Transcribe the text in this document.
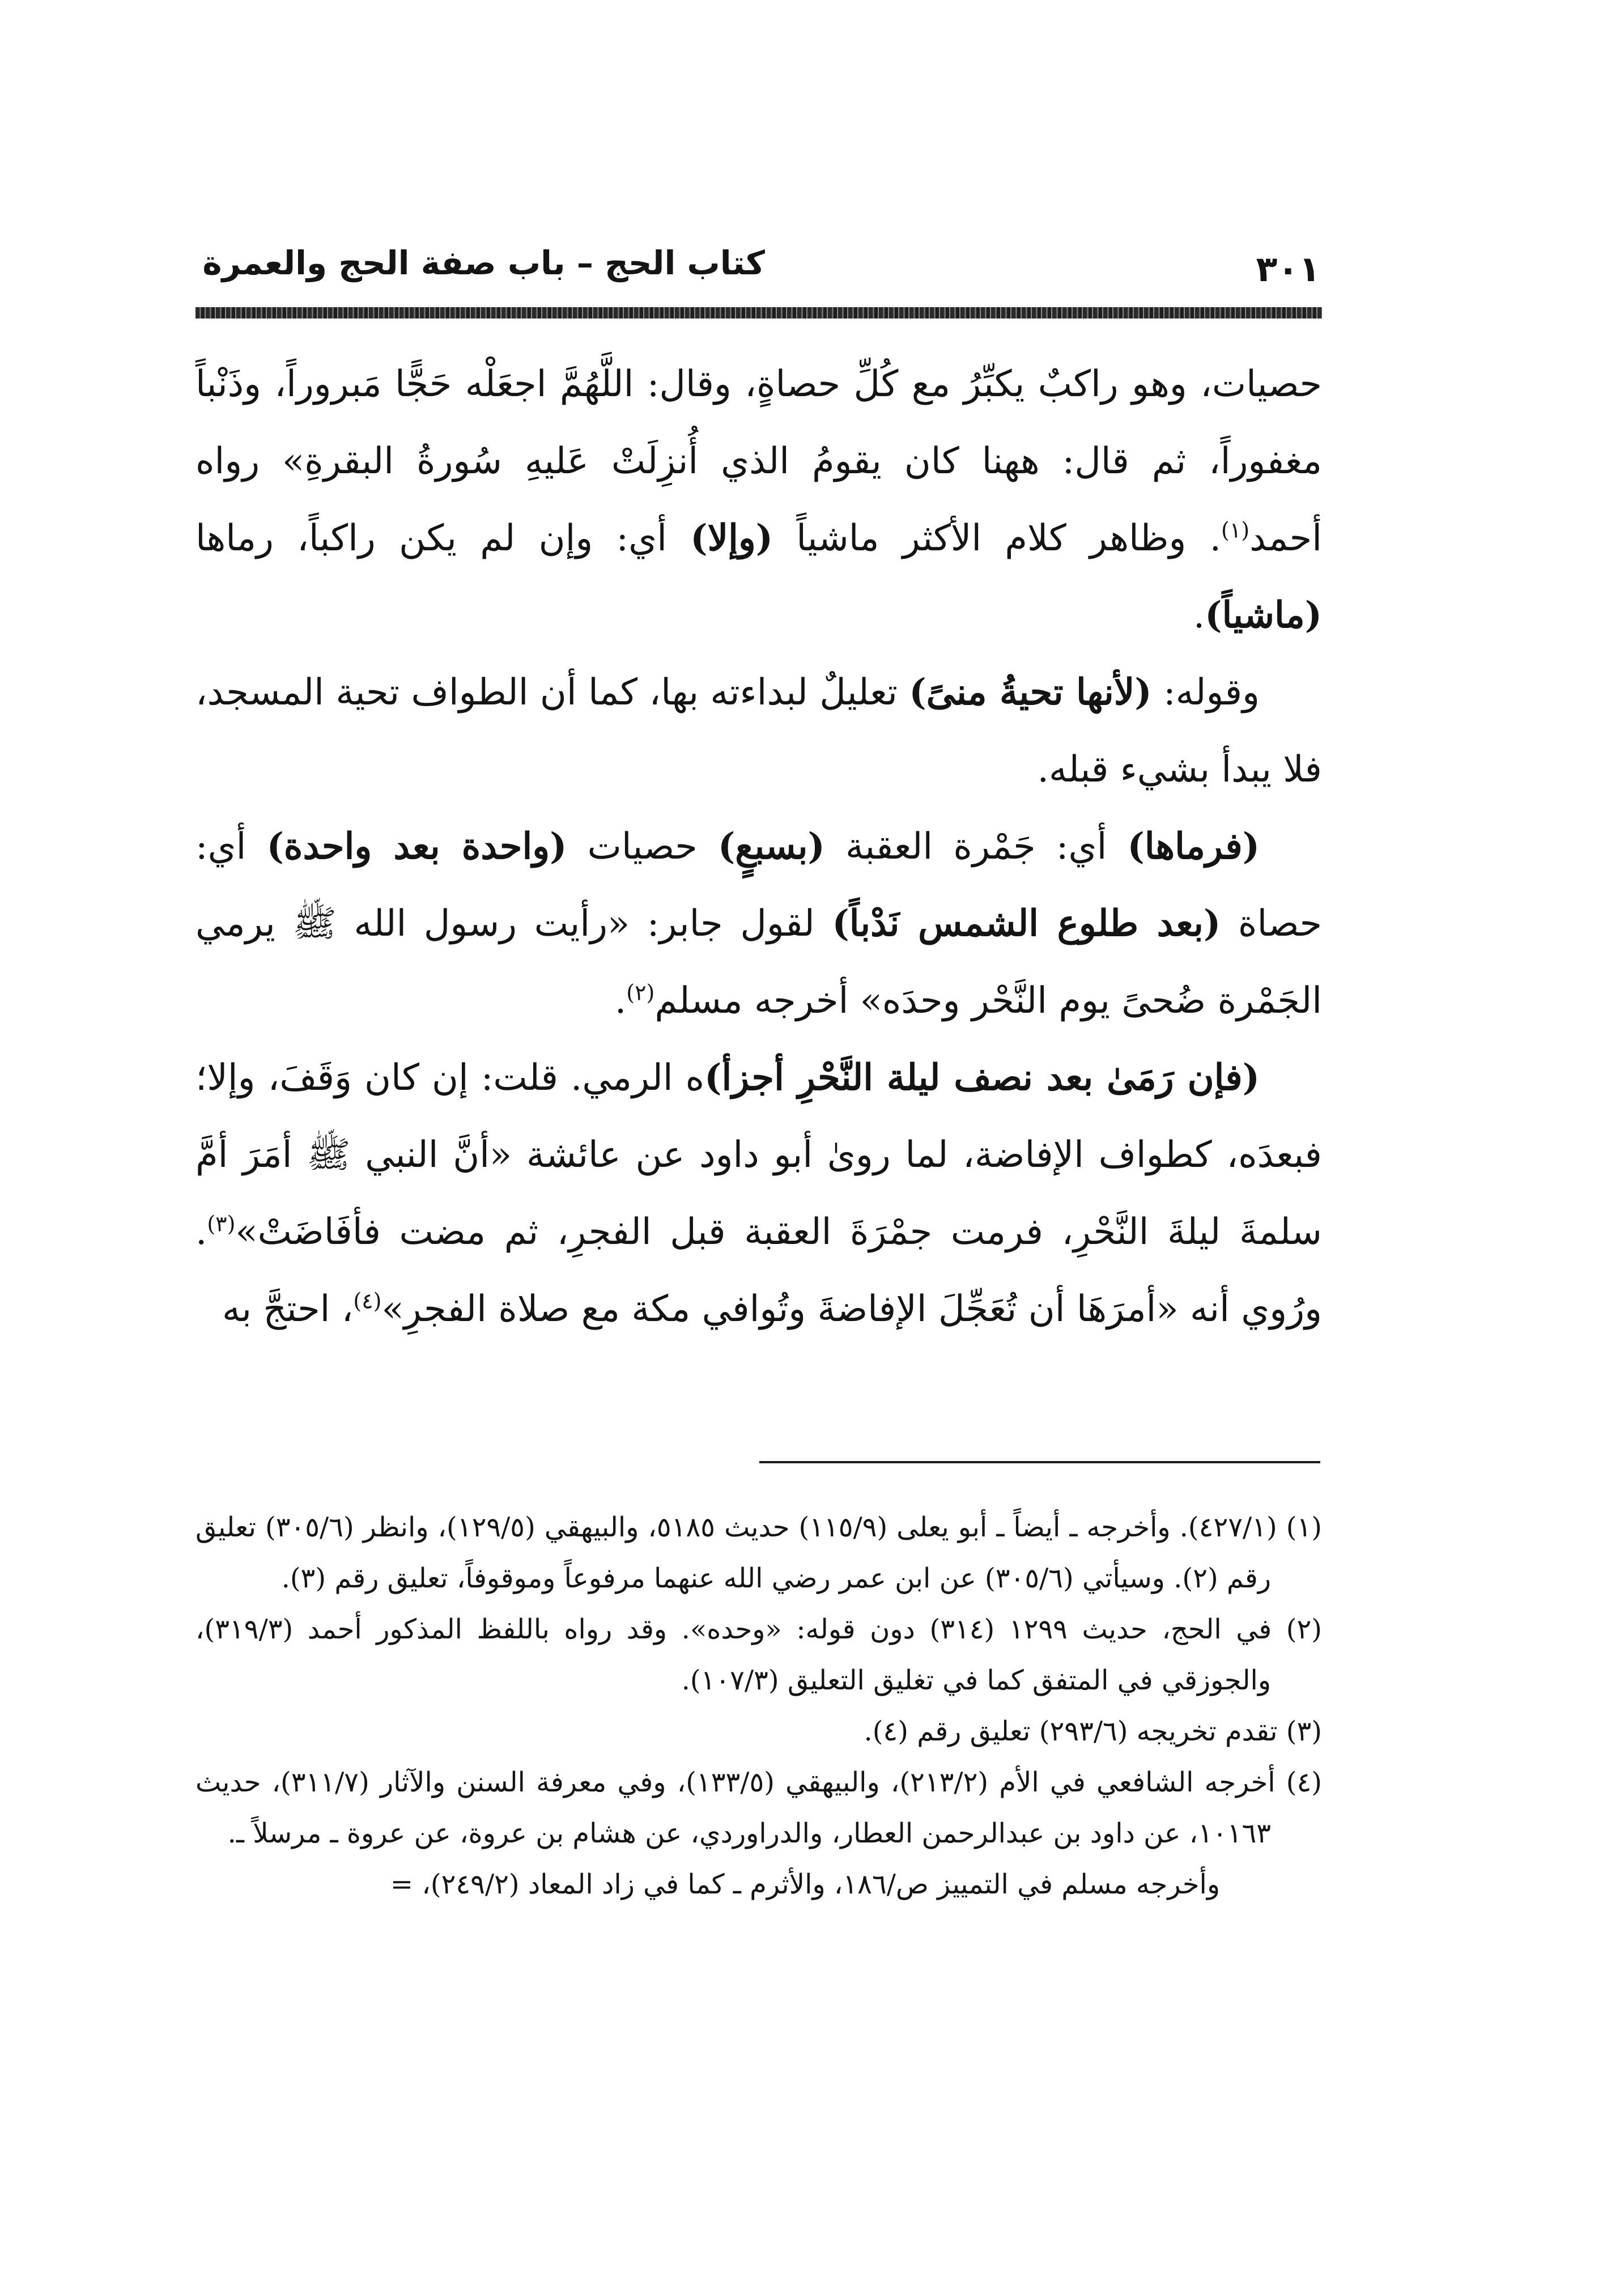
كتاب الحج – باب صفة الحج والعمرة	٣٠١

حصيات، وهو راكبٌ يكبِّرُ مع كُلِّ حصاةٍ، وقال: اللَّهُمَّ اجعَلْه حَجًّا مَبروراً، وذَنْباً مغفوراً، ثم قال: ههنا كان يقومُ الذي أُنزِلَتْ عَليهِ سُورةُ البقرةِ» رواه أحمد$^{(١)}$. وظاهر كلام الأكثر ماشياً (وإلا) أي: وإن لم يكن راكباً، رماها (ماشياً).

وقوله: (لأنها تحيةُ منىً) تعليلٌ لبداءته بها، كما أن الطواف تحية المسجد، فلا يبدأ بشيء قبله.

(فرماها) أي: جَمْرة العقبة (بسبعٍ) حصيات (واحدة بعد واحدة) أي: حصاة (بعد طلوع الشمس نَدْباً) لقول جابر: «رأيت رسول الله ﷺ يرمي الجَمْرة ضُحىً يوم النَّحْر وحدَه» أخرجه مسلم$^{(٢)}$.

(فإن رَمَىٰ بعد نصف ليلة النَّحْرِ أجزأ)ه الرمي. قلت: إن كان وَقَفَ، وإلا؛ فبعدَه، كطواف الإفاضة، لما روىٰ أبو داود عن عائشة «أنَّ النبي ﷺ أمَرَ أمَّ سلمةَ ليلةَ النَّحْرِ، فرمت جمْرَةَ العقبة قبل الفجرِ، ثم مضت فأفَاضَتْ»$^{(٣)}$. ورُوي أنه «أمرَهَا أن تُعَجِّلَ الإفاضةَ وتُوافي مكة مع صلاة الفجرِ»$^{(٤)}$، احتجَّ به

(١) (٤٢٧/١). وأخرجه ـ أيضاً ـ أبو يعلى (١١٥/٩) حديث ٥١٨٥، والبيهقي (١٢٩/٥)، وانظر (٣٠٥/٦) تعليق رقم (٢). وسيأتي (٣٠٥/٦) عن ابن عمر رضي الله عنهما مرفوعاً وموقوفاً، تعليق رقم (٣).

(٢) في الحج، حديث ١٢٩٩ (٣١٤) دون قوله: «وحده». وقد رواه باللفظ المذكور أحمد (٣١٩/٣)، والجوزقي في المتفق كما في تغليق التعليق (١٠٧/٣).

(٣) تقدم تخريجه (٢٩٣/٦) تعليق رقم (٤).

(٤) أخرجه الشافعي في الأم (٢١٣/٢)، والبيهقي (١٣٣/٥)، وفي معرفة السنن والآثار (٣١١/٧)، حديث ١٠١٦٣، عن داود بن عبدالرحمن العطار، والدراوردي، عن هشام بن عروة، عن عروة ـ مرسلاً ـ.

وأخرجه مسلم في التمييز ص/١٨٦، والأثرم ـ كما في زاد المعاد (٢٤٩/٢)، =
